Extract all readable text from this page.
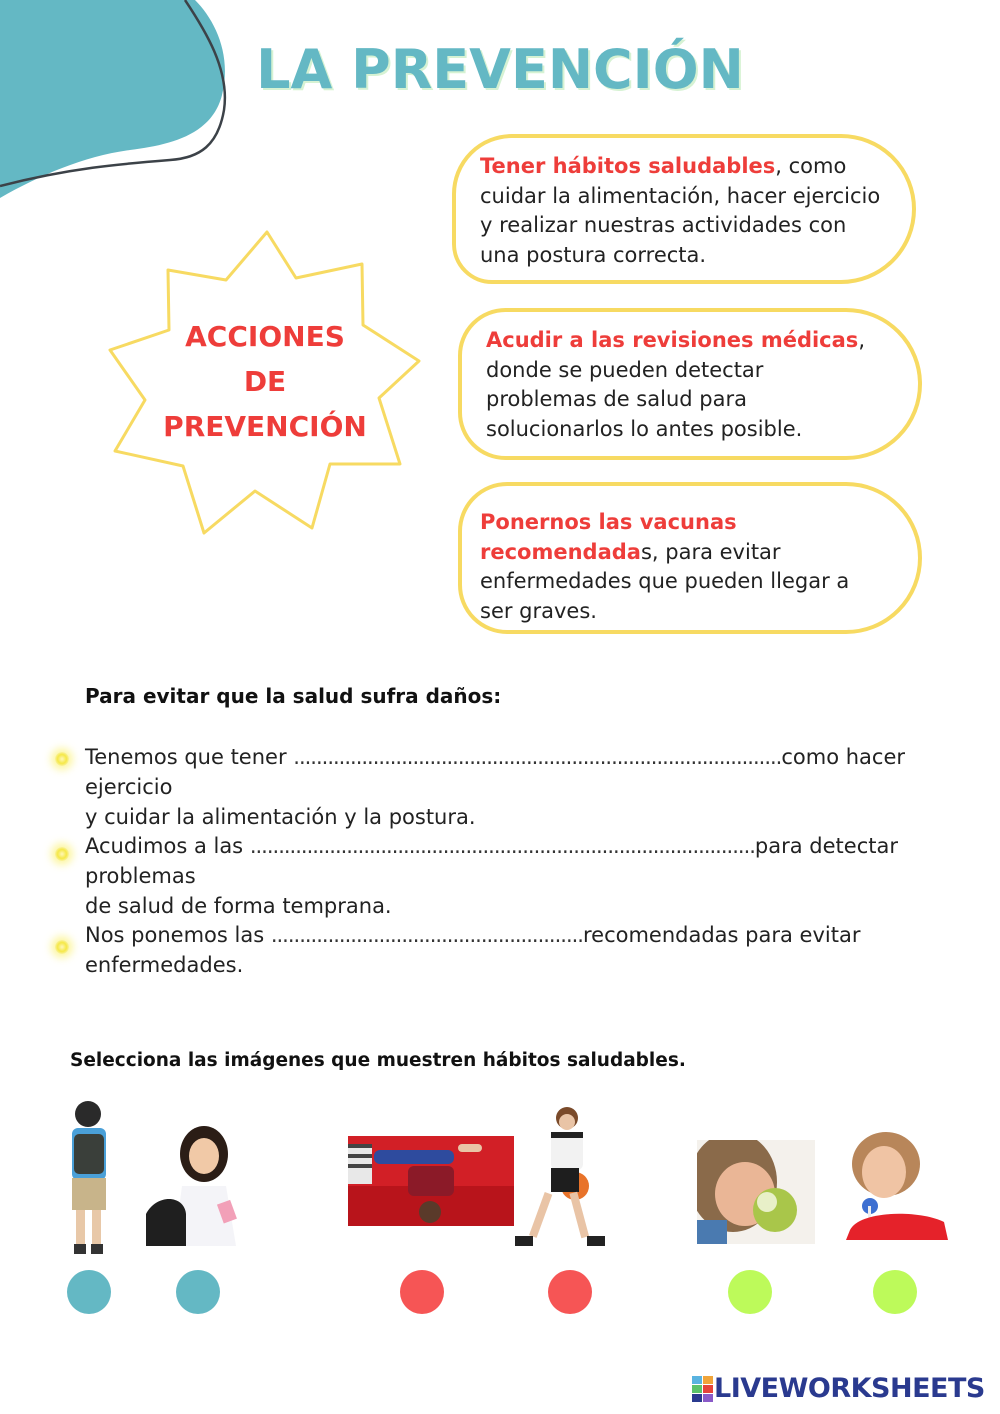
LA PREVENCIÓN
ACCIONES
DE
PREVENCIÓN
Tener hábitos saludables, como
cuidar la alimentación, hacer ejercicio
y realizar nuestras actividades con
una postura correcta.
Acudir a las revisiones médicas,
donde se pueden detectar
problemas de salud para
solucionarlos lo antes posible.
Ponernos las vacunas
recomendadas, para evitar
enfermedades que pueden llegar a
ser graves.
Para evitar que la salud sufra daños:
Tenemos que tener ......................................................................................como hacer ejercicio
y cuidar la alimentación y la postura.
Acudimos a las .........................................................................................para detectar problemas
de salud de forma temprana.
Nos ponemos las .......................................................recomendadas para evitar
enfermedades.
Selecciona las imágenes que muestren hábitos saludables.
LIVEWORKSHEETS
